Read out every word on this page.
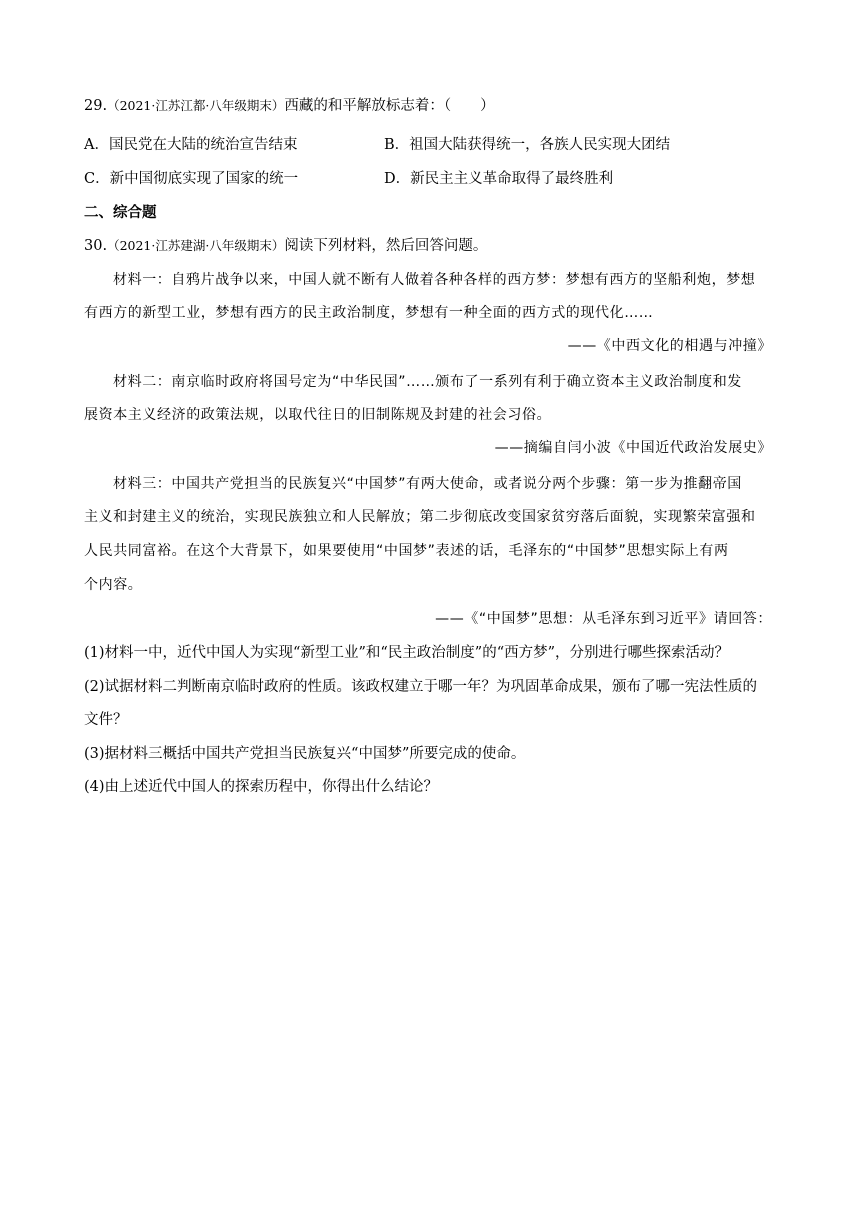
29.（2021·江苏江都·八年级期末）西藏的和平解放标志着：（　　）
A．国民党在大陆的统治宣告结束	B．祖国大陆获得统一，各族人民实现大团结
C．新中国彻底实现了国家的统一	D．新民主主义革命取得了最终胜利
二、综合题
30.（2021·江苏建湖·八年级期末）阅读下列材料，然后回答问题。
材料一：自鸦片战争以来，中国人就不断有人做着各种各样的西方梦：梦想有西方的坚船利炮，梦想
有西方的新型工业，梦想有西方的民主政治制度，梦想有一种全面的西方式的现代化……
——《中西文化的相遇与冲撞》
材料二：南京临时政府将国号定为“中华民国”……颁布了一系列有利于确立资本主义政治制度和发
展资本主义经济的政策法规，以取代往日的旧制陈规及封建的社会习俗。
——摘编自闫小波《中国近代政治发展史》
材料三：中国共产党担当的民族复兴“中国梦”有两大使命，或者说分两个步骤：第一步为推翻帝国
主义和封建主义的统治，实现民族独立和人民解放；第二步彻底改变国家贫穷落后面貌，实现繁荣富强和
人民共同富裕。在这个大背景下，如果要使用“中国梦”表述的话，毛泽东的“中国梦”思想实际上有两
个内容。
——《“中国梦”思想：从毛泽东到习近平》请回答：
(1)材料一中，近代中国人为实现“新型工业”和“民主政治制度”的“西方梦”，分别进行哪些探索活动？
(2)试据材料二判断南京临时政府的性质。该政权建立于哪一年？为巩固革命成果，颁布了哪一宪法性质的
文件？
(3)据材料三概括中国共产党担当民族复兴“中国梦”所要完成的使命。
(4)由上述近代中国人的探索历程中，你得出什么结论？
